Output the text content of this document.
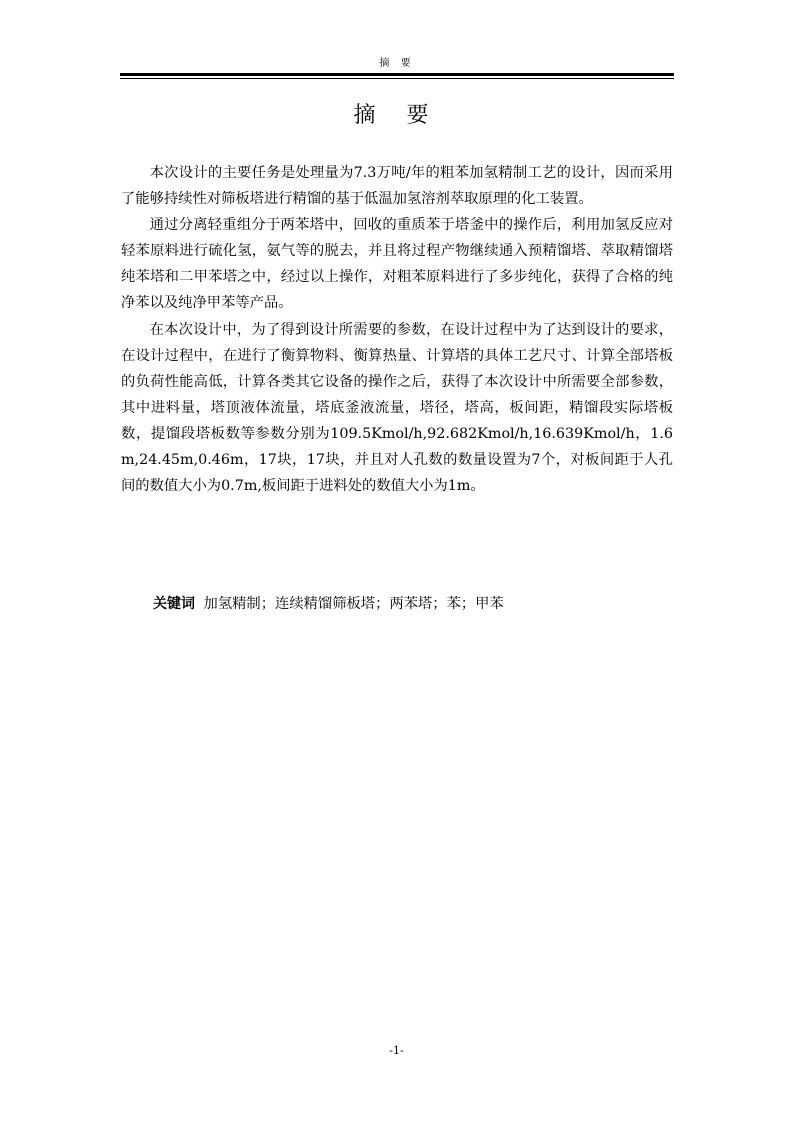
摘 要
摘 要

本次设计的主要任务是处理量为7.3万吨/年的粗苯加氢精制工艺的设计，因而采用了能够持续性对筛板塔进行精馏的基于低温加氢溶剂萃取原理的化工装置。

通过分离轻重组分于两苯塔中，回收的重质苯于塔釜中的操作后，利用加氢反应对轻苯原料进行硫化氢，氨气等的脱去，并且将过程产物继续通入预精馏塔、萃取精馏塔 纯苯塔和二甲苯塔之中，经过以上操作，对粗苯原料进行了多步纯化，获得了合格的纯净苯以及纯净甲苯等产品。

在本次设计中，为了得到设计所需要的参数，在设计过程中为了达到设计的要求，在设计过程中，在进行了衡算物料、衡算热量、计算塔的具体工艺尺寸、计算全部塔板的负荷性能高低，计算各类其它设备的操作之后，获得了本次设计中所需要全部参数，其中进料量，塔顶液体流量，塔底釜液流量，塔径，塔高，板间距，精馏段实际塔板数，提馏段塔板数等参数分别为109.5Kmol/h,92.682Kmol/h,16.639Kmol/h，1.6m,24.45m,0.46m，17块，17块，并且对人孔数的数量设置为7个，对板间距于人孔间的数值大小为0.7m,板间距于进料处的数值大小为1m。

关键词 加氢精制；连续精馏筛板塔；两苯塔；苯；甲苯
-1-
